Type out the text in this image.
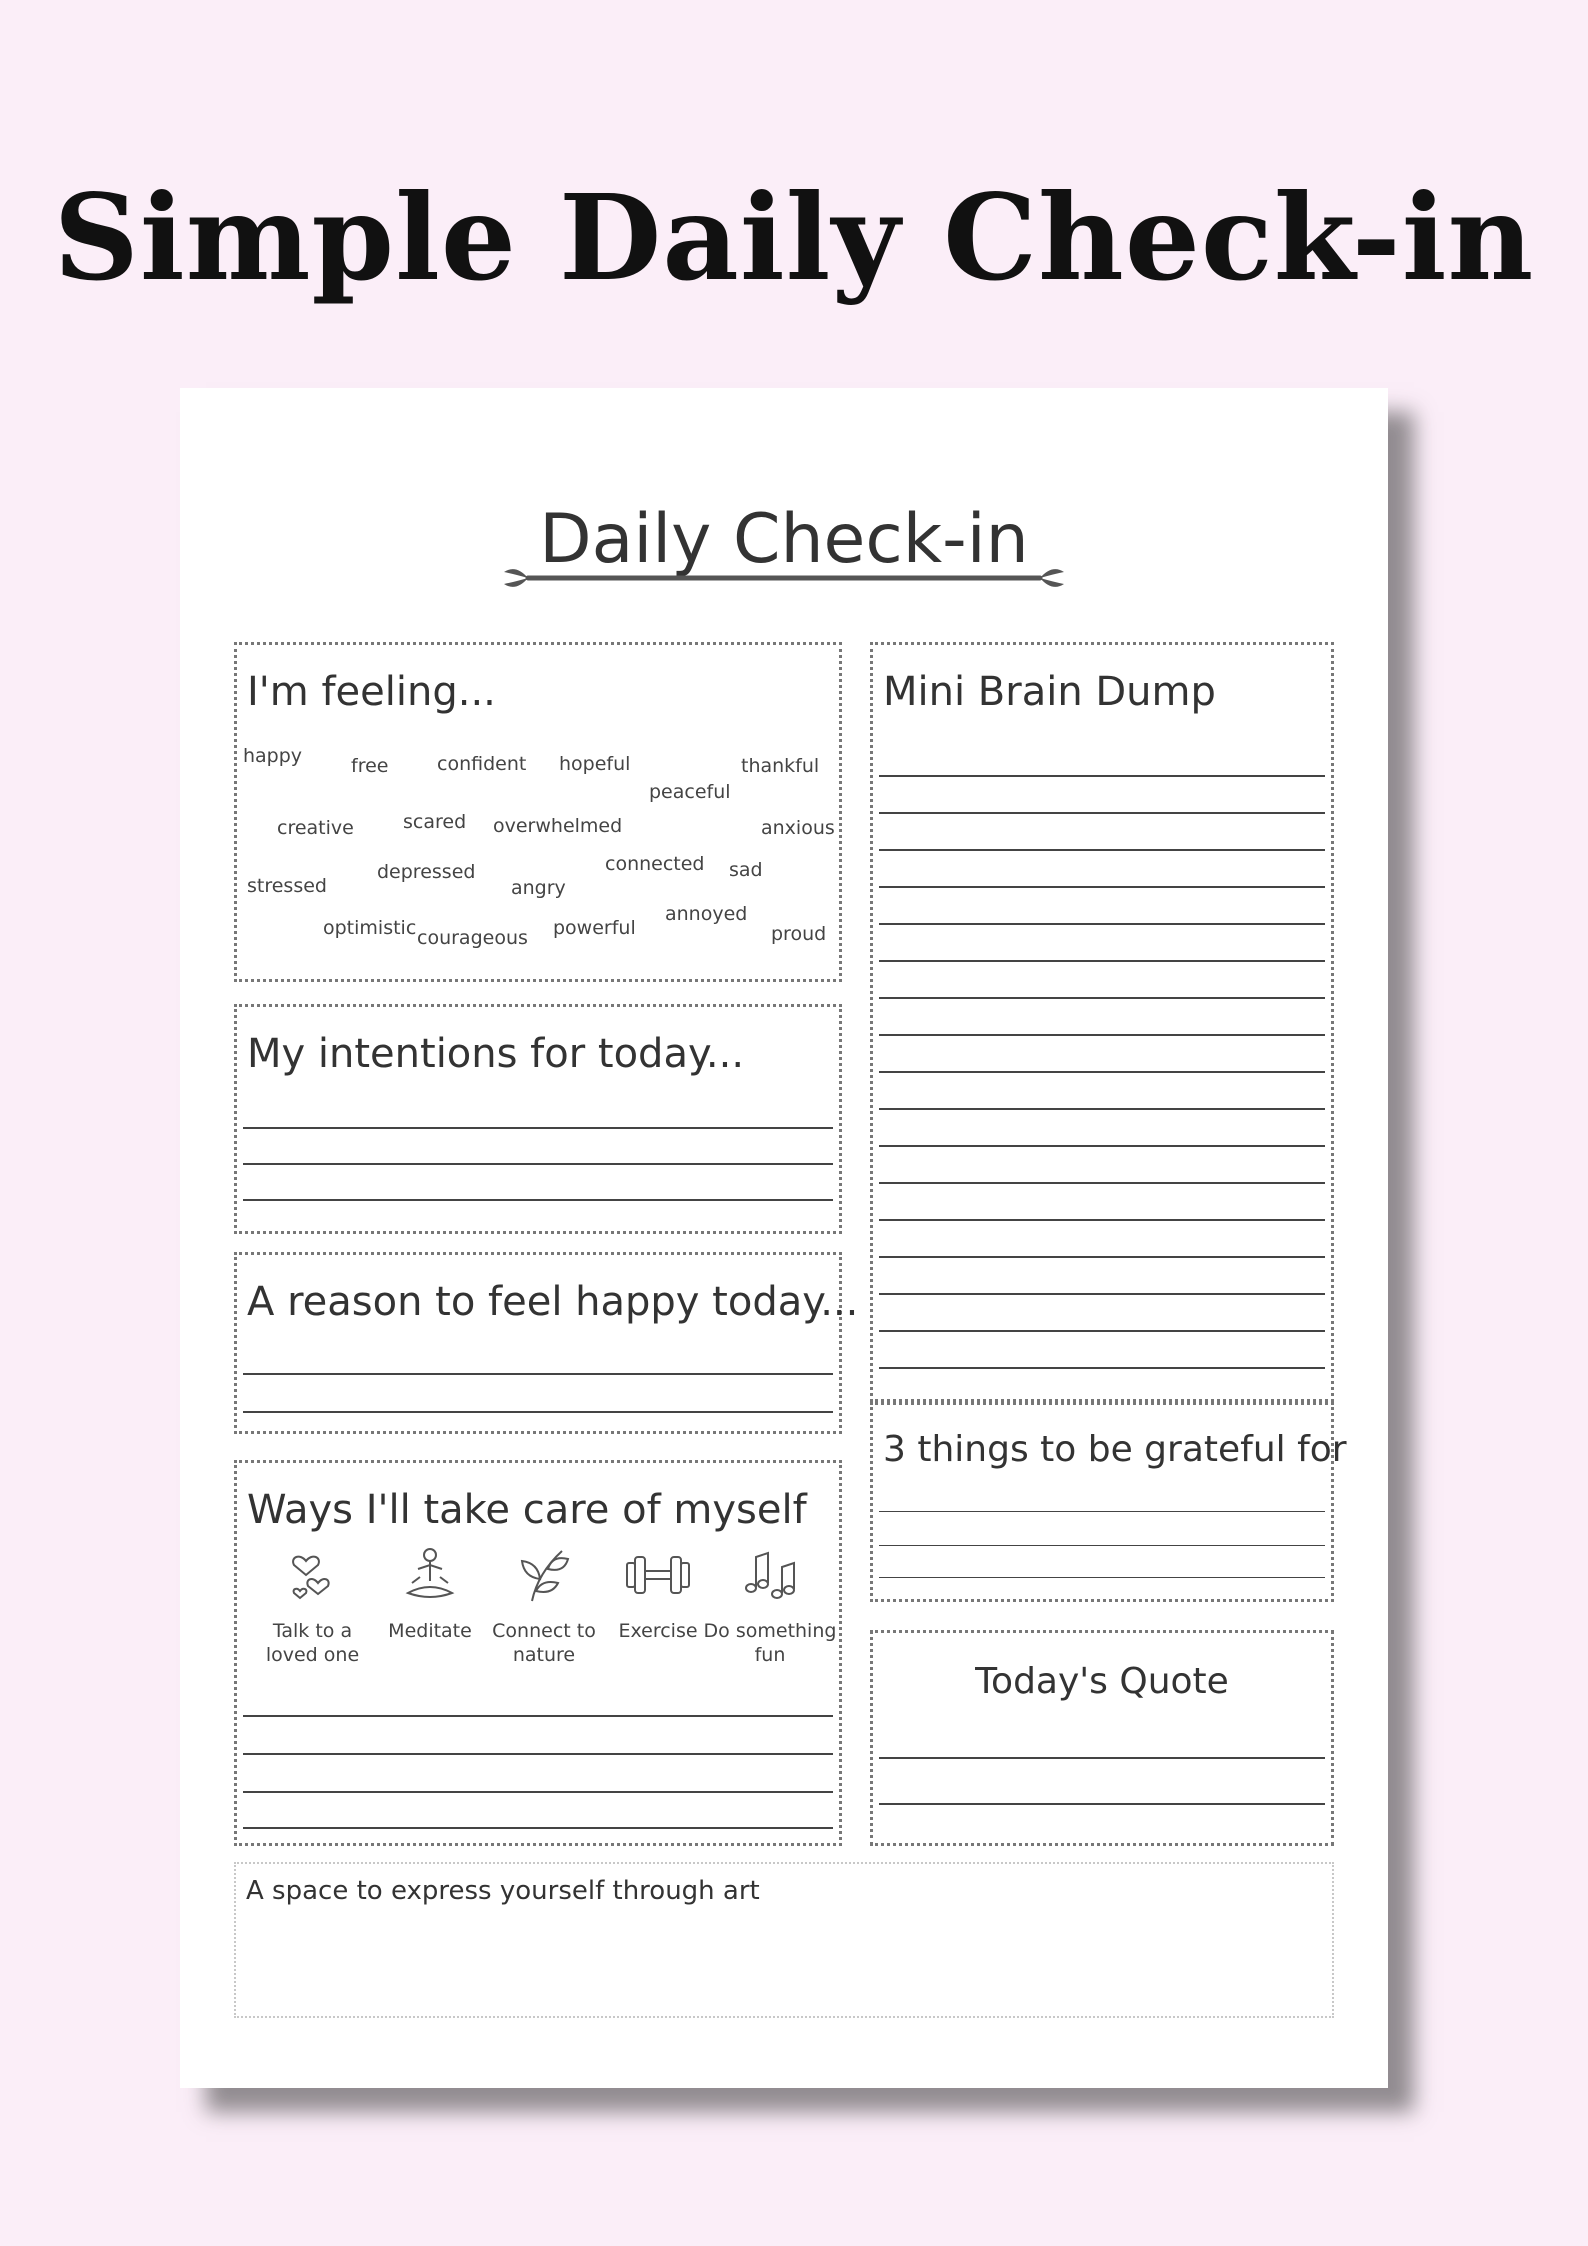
Simple Daily Check-in
Daily Check-in
I'm feeling...
happy	free	confident hopeful	thankful
peaceful
creative	scared overwhelmed	anxious
connected sad
depressed
stressed	angry
annoyed
optimistic	powerful
courageous	proud
My intentions for today...
A reason to feel happy today...
Ways I'll take care of myself
Talk to a
loved one
Meditate	Connect to
nature
Exercise Do something
fun
Mini Brain Dump
3 things to be grateful for
Today's Quote
A space to express yourself through art
